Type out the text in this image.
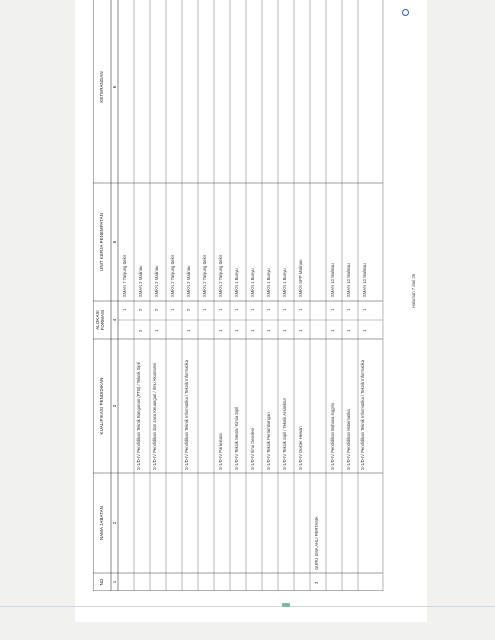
NO
NAMA JABATAN
KUALIFIKASI PENDIDIKAN
ALOKASI FORMASI
UNIT KERJA PENEMPATAN
KETERANGAN
1
2
3
4
5
6
1
SMAN 7 Tanjung Selor
S-1/D-IV Pendidikan Teknik Bangunan (PTB) / Teknik Sipil
2
2
SMAN 2 Malinau
S-1/D-IV Pendidikan dan Jasa Keuangan / Ilmu Akuntansi
1
2
SMKN 2 Malinau
1
SMKN 2 Tanjung Selor
S-1/D-IV Pendidikan Teknik Informatika / Teknik Informatika
1
2
SMKN 2 Malinau
1
SMKN 2 Tanjung Selor
S-1/D-IV Pariwisata
1
1
SMKN 2 Tanjung Selor
S-1/D-IV Teknik Mesin/ Kimia Sipil
1
1
SMKN 1 Bunyu
S-1/D-IV Ilmu Geodesi
1
1
SMKN 1 Bunyu
S-1/D-IV Teknik Pertambangan
1
1
SMKN 1 Bunyu
S-1/D-IV Teknik Sipil / Teknik Arsitektur
1
1
SMKN 1 Bunyu
S-1/D-IV Dokter Hewan
1
1
SMKN SPP Malinau
3
GURU SMA AHLI PERTAMA
S-1/D-IV Pendidikan Bahasa Inggris
1
1
SMAN 10 Malinau
S-1/D-IV Pendidikan Matematika
1
1
SMAN 10 Malinau
S-1/D-IV Pendidikan Teknik Informatika / Teknik Informatika
1
1
SMAN 10 Malinau	Halaman 7 dari 26
